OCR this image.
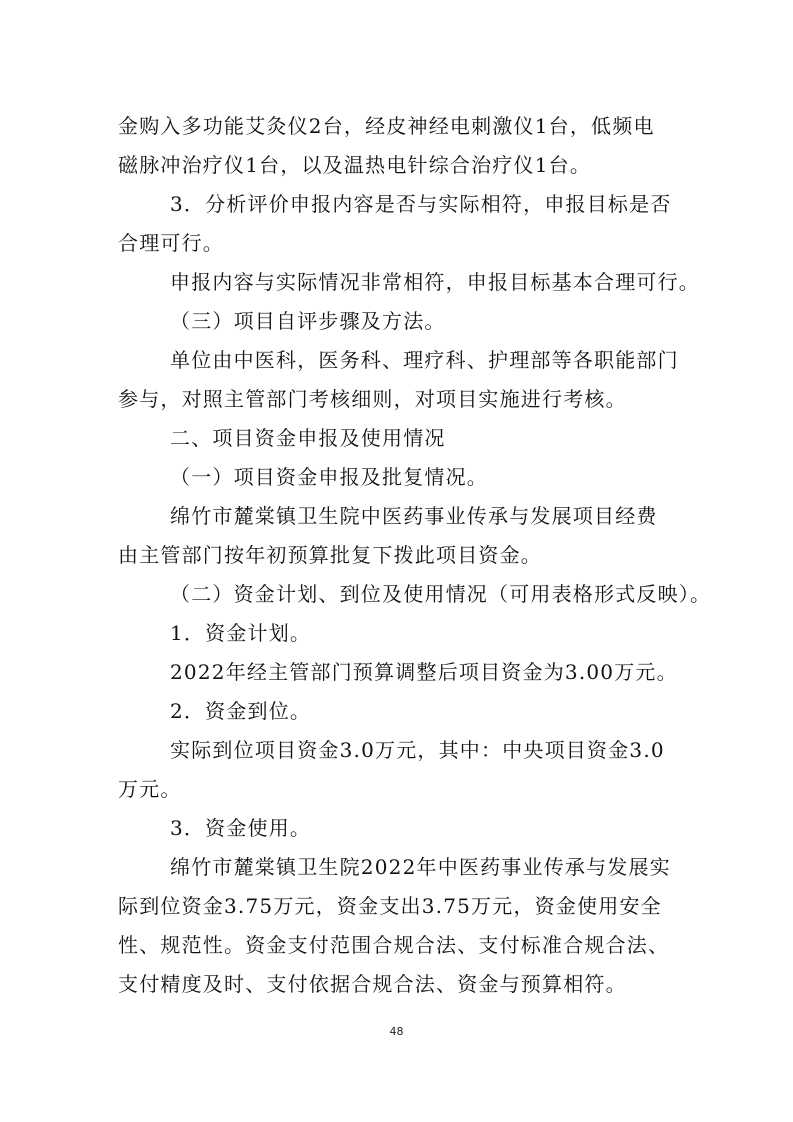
金购入多功能艾灸仪2台，经皮神经电刺激仪1台，低频电
磁脉冲治疗仪1台，以及温热电针综合治疗仪1台。
3．分析评价申报内容是否与实际相符，申报目标是否
合理可行。
申报内容与实际情况非常相符，申报目标基本合理可行。
（三）项目自评步骤及方法。
单位由中医科，医务科、理疗科、护理部等各职能部门
参与，对照主管部门考核细则，对项目实施进行考核。
二、项目资金申报及使用情况
（一）项目资金申报及批复情况。
绵竹市麓棠镇卫生院中医药事业传承与发展项目经费
由主管部门按年初预算批复下拨此项目资金。
（二）资金计划、到位及使用情况（可用表格形式反映）。
1．资金计划。
2022年经主管部门预算调整后项目资金为3.00万元。
2．资金到位。
实际到位项目资金3.0万元，其中：中央项目资金3.0
万元。
3．资金使用。
绵竹市麓棠镇卫生院2022年中医药事业传承与发展实
际到位资金3.75万元，资金支出3.75万元，资金使用安全
性、规范性。资金支付范围合规合法、支付标准合规合法、
支付精度及时、支付依据合规合法、资金与预算相符。
48
